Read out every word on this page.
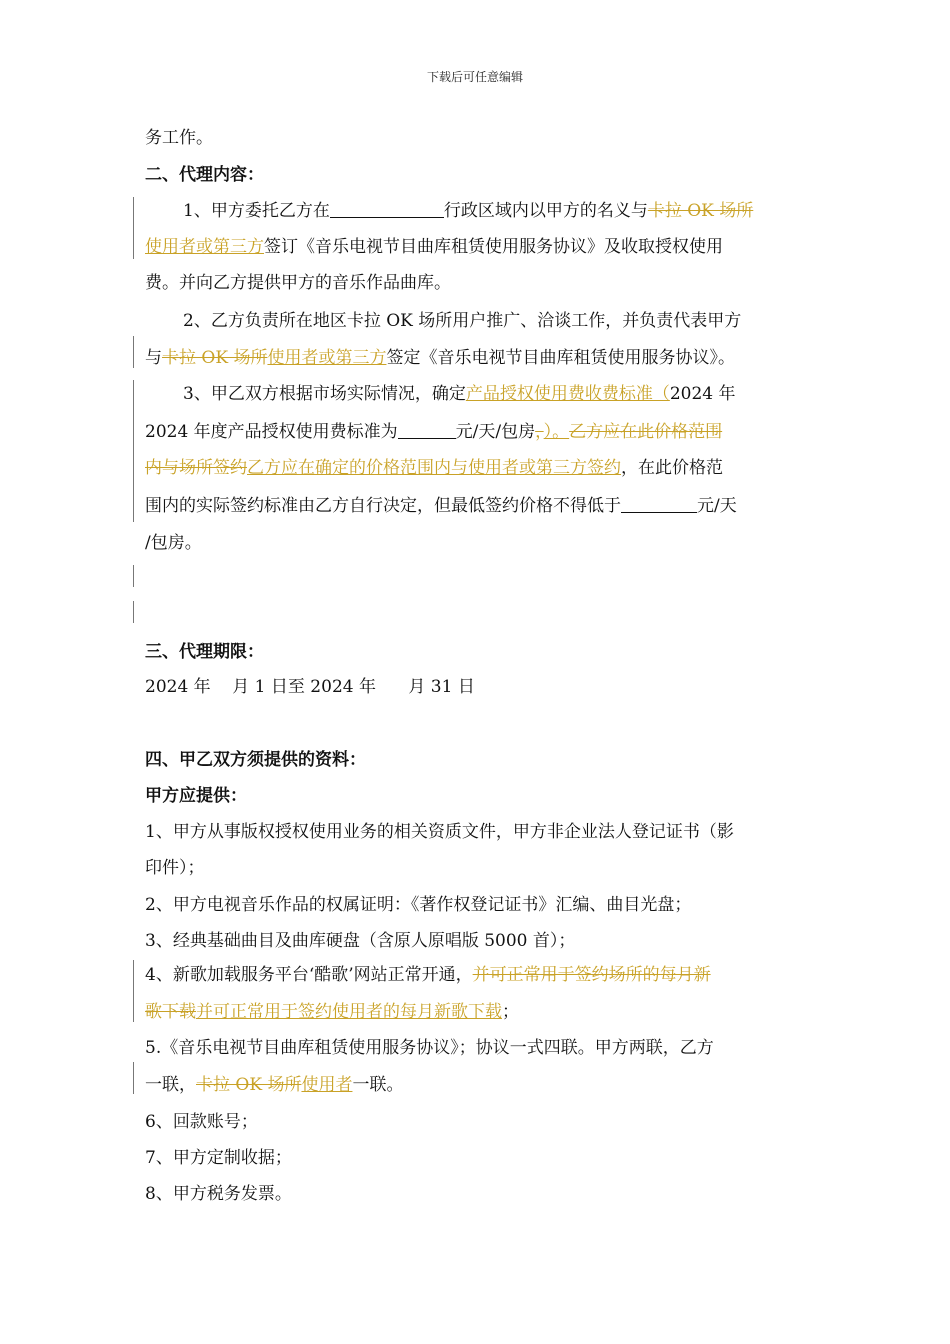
下载后可任意编辑
务工作。
二、代理内容：
1、甲方委托乙方在	行政区域内以甲方的名义与卡拉 OK 场所
使用者或第三方签订《音乐电视节目曲库租赁使用服务协议》及收取授权使用
费。并向乙方提供甲方的音乐作品曲库。
2、乙方负责所在地区卡拉 OK 场所用户推广、洽谈工作，并负责代表甲方
与卡拉 OK 场所使用者或第三方签定《音乐电视节目曲库租赁使用服务协议》。
3、甲乙双方根据市场实际情况，确定产品授权使用费收费标准（2024 年
2024 年度产品授权使用费标准为	元/天/包房，）。乙方应在此价格范围
内与场所签约乙方应在确定的价格范围内与使用者或第三方签约，在此价格范
围内的实际签约标准由乙方自行决定，但最低签约价格不得低于	元/天
/包房。
三、代理期限：
2024 年    月 1 日至 2024 年      月 31 日
四、甲乙双方须提供的资料：
甲方应提供：
1、甲方从事版权授权使用业务的相关资质文件，甲方非企业法人登记证书（影
印件）；
2、甲方电视音乐作品的权属证明：《著作权登记证书》汇编、曲目光盘；
3、经典基础曲目及曲库硬盘（含原人原唱版 5000 首）；
4、新歌加载服务平台‘酷歌’网站正常开通，并可正常用于签约场所的每月新
歌下载并可正常用于签约使用者的每月新歌下载；
5.《音乐电视节目曲库租赁使用服务协议》；协议一式四联。甲方两联，乙方
一联，卡拉 OK 场所使用者一联。
6、回款账号；
7、甲方定制收据；
8、甲方税务发票。
